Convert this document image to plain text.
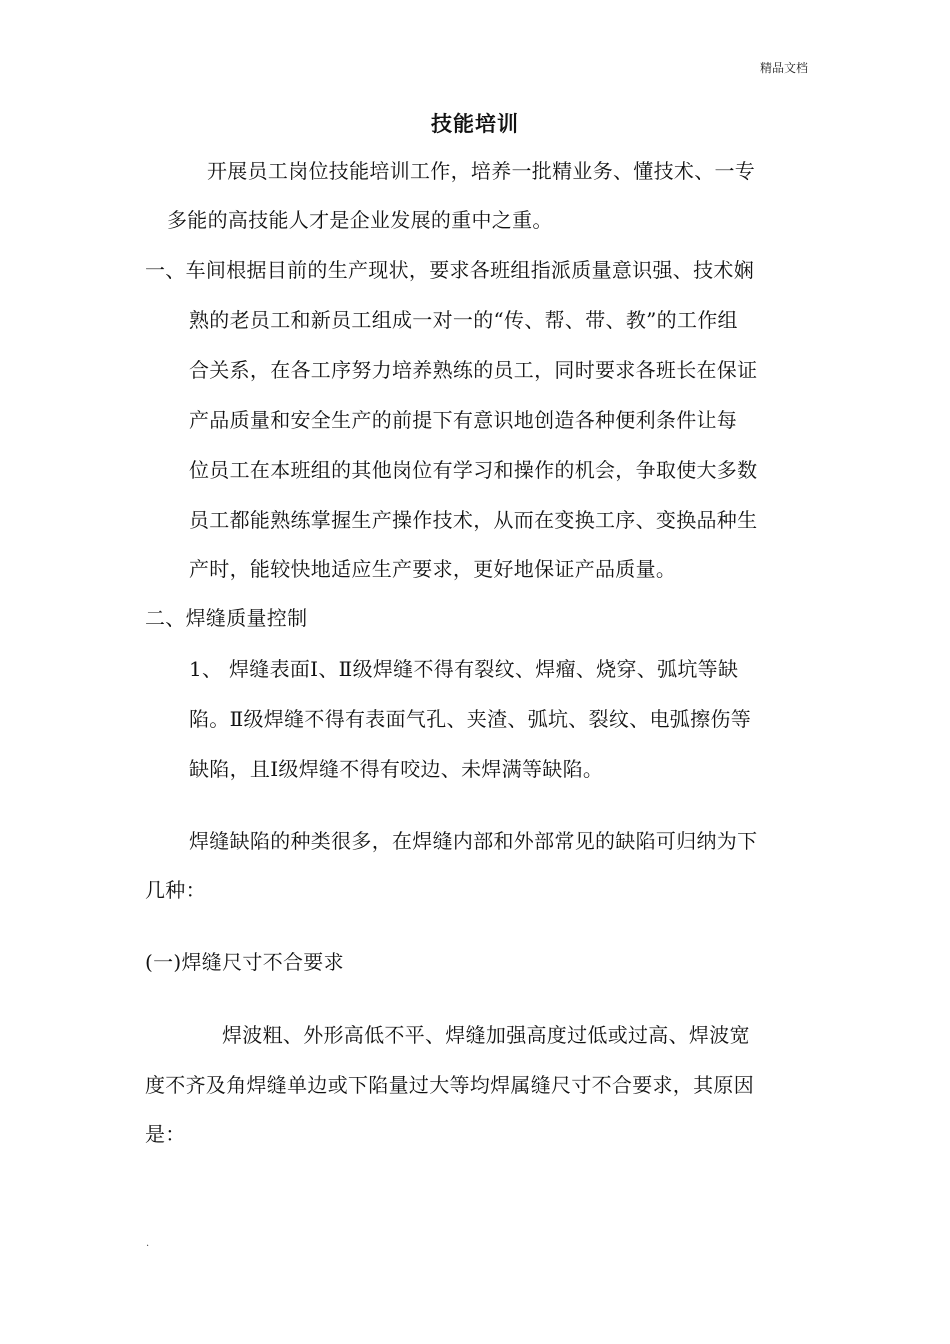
精品文档
技能培训
开展员工岗位技能培训工作，培养一批精业务、懂技术、一专
多能的高技能人才是企业发展的重中之重。
一、车间根据目前的生产现状，要求各班组指派质量意识强、技术娴
熟的老员工和新员工组成一对一的“传、帮、带、教”的工作组
合关系，在各工序努力培养熟练的员工，同时要求各班长在保证
产品质量和安全生产的前提下有意识地创造各种便利条件让每
位员工在本班组的其他岗位有学习和操作的机会，争取使大多数
员工都能熟练掌握生产操作技术，从而在变换工序、变换品种生
产时，能较快地适应生产要求，更好地保证产品质量。
二、焊缝质量控制
1、 焊缝表面Ⅰ、Ⅱ级焊缝不得有裂纹、焊瘤、烧穿、弧坑等缺
陷。Ⅱ级焊缝不得有表面气孔、夹渣、弧坑、裂纹、电弧擦伤等
缺陷，且Ⅰ级焊缝不得有咬边、未焊满等缺陷。
焊缝缺陷的种类很多，在焊缝内部和外部常见的缺陷可归纳为下
几种：
(一)焊缝尺寸不合要求
焊波粗、外形高低不平、焊缝加强高度过低或过高、焊波宽
度不齐及角焊缝单边或下陷量过大等均焊属缝尺寸不合要求，其原因
是：
.
